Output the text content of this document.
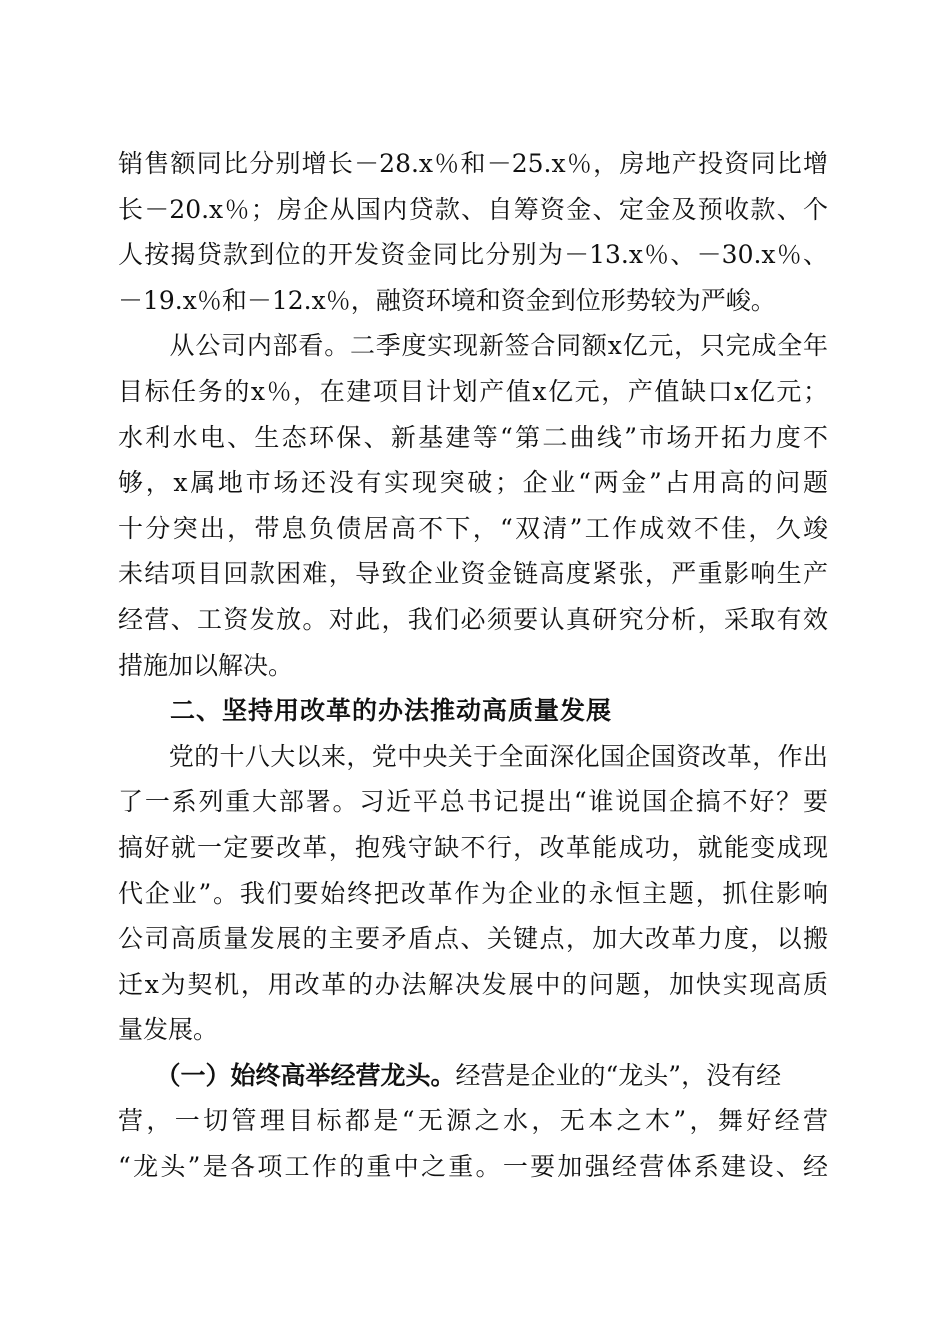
销售额同比分别增长－28.x％和－25.x％，房地产投资同比增
长－20.x％；房企从国内贷款、自筹资金、定金及预收款、个
人按揭贷款到位的开发资金同比分别为－13.x％、－30.x％、
－19.x％和－12.x％，融资环境和资金到位形势较为严峻。
　　从公司内部看。二季度实现新签合同额x亿元，只完成全年
目标任务的x％，在建项目计划产值x亿元，产值缺口x亿元；
水利水电、生态环保、新基建等“第二曲线”市场开拓力度不
够，x属地市场还没有实现突破；企业“两金”占用高的问题
十分突出，带息负债居高不下，“双清”工作成效不佳，久竣
未结项目回款困难，导致企业资金链高度紧张，严重影响生产
经营、工资发放。对此，我们必须要认真研究分析，采取有效
措施加以解决。
　　二、坚持用改革的办法推动高质量发展
　　党的十八大以来，党中央关于全面深化国企国资改革，作出
了一系列重大部署。习近平总书记提出“谁说国企搞不好？要
搞好就一定要改革，抱残守缺不行，改革能成功，就能变成现
代企业”。我们要始终把改革作为企业的永恒主题，抓住影响
公司高质量发展的主要矛盾点、关键点，加大改革力度，以搬
迁x为契机，用改革的办法解决发展中的问题，加快实现高质
量发展。
　　（一）始终高举经营龙头。经营是企业的“龙头”，没有经
营，一切管理目标都是“无源之水，无本之木”，舞好经营
“龙头”是各项工作的重中之重。一要加强经营体系建设、经
